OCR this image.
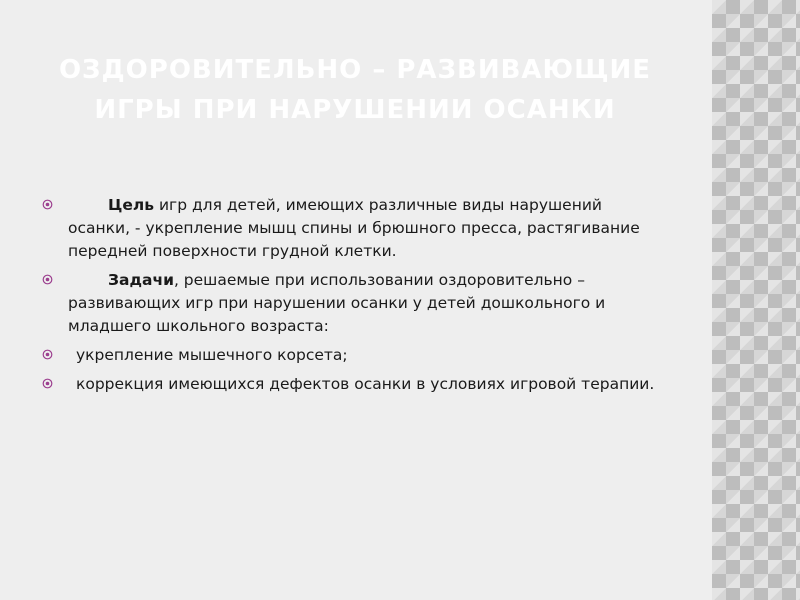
ОЗДОРОВИТЕЛЬНО – РАЗВИВАЮЩИЕ
ИГРЫ ПРИ НАРУШЕНИИ ОСАНКИ
Цель игр для детей, имеющих различные виды нарушений осанки, - укрепление мышц спины и брюшного пресса, растягивание передней поверхности грудной клетки.
Задачи, решаемые при использовании оздоровительно – развивающих игр при нарушении осанки у детей дошкольного и младшего школьного возраста:
укрепление мышечного корсета;
коррекция имеющихся дефектов осанки в условиях игровой терапии.
